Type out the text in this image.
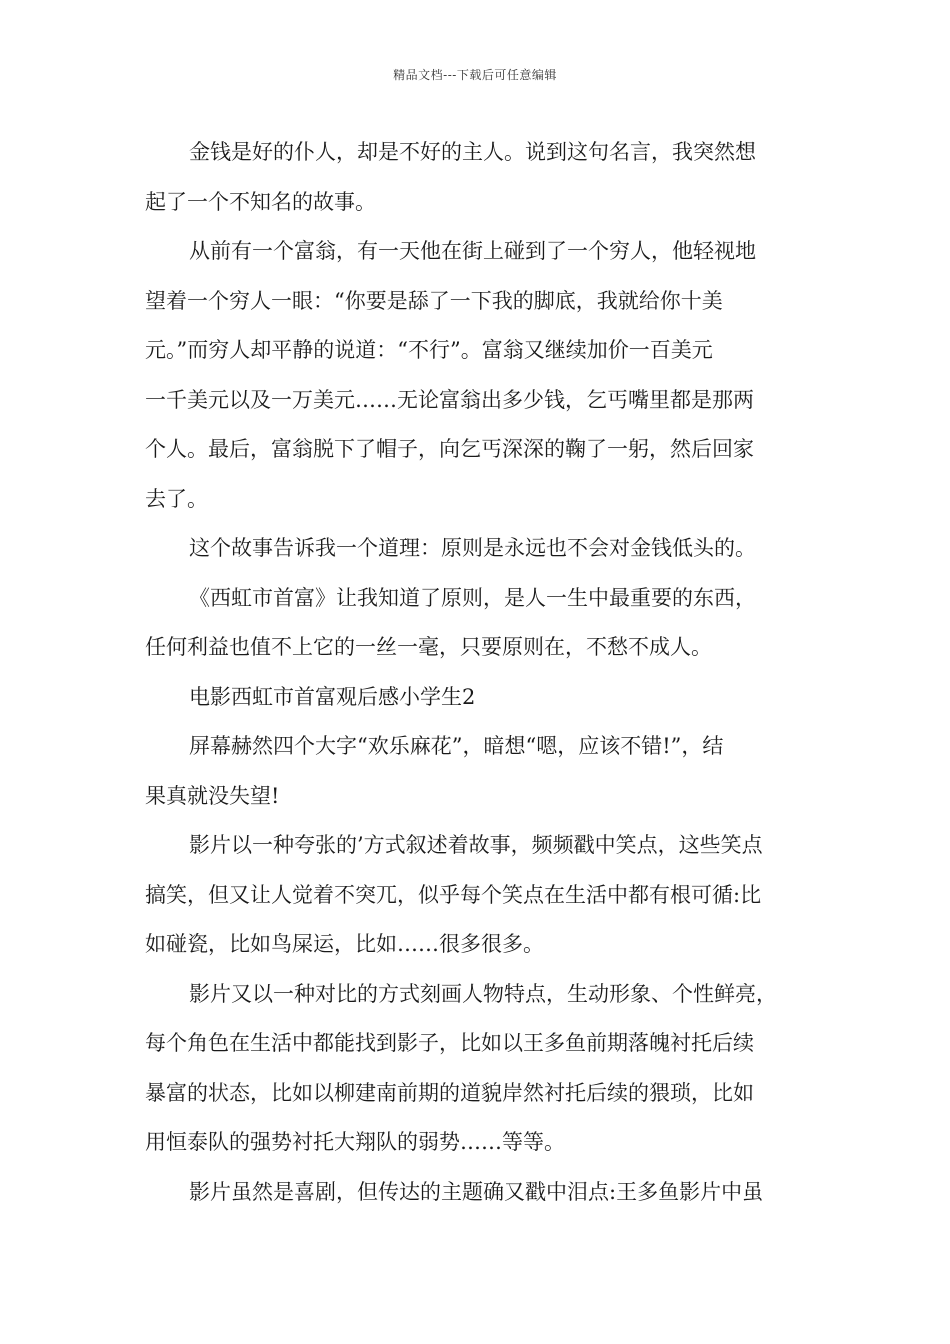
精品文档---下载后可任意编辑
金钱是好的仆人，却是不好的主人。说到这句名言，我突然想
起了一个不知名的故事。
从前有一个富翁，有一天他在街上碰到了一个穷人，他轻视地
望着一个穷人一眼：“你要是舔了一下我的脚底，我就给你十美
元。”而穷人却平静的说道：“不行”。富翁又继续加价一百美元
一千美元以及一万美元……无论富翁出多少钱，乞丐嘴里都是那两
个人。最后，富翁脱下了帽子，向乞丐深深的鞠了一躬，然后回家
去了。
这个故事告诉我一个道理：原则是永远也不会对金钱低头的。
《西虹市首富》让我知道了原则，是人一生中最重要的东西，
任何利益也值不上它的一丝一毫，只要原则在，不愁不成人。
电影西虹市首富观后感小学生2
屏幕赫然四个大字“欢乐麻花”，暗想“嗯，应该不错!”，结
果真就没失望!
影片以一种夸张的’方式叙述着故事，频频戳中笑点，这些笑点
搞笑，但又让人觉着不突兀，似乎每个笑点在生活中都有根可循:比
如碰瓷，比如鸟屎运，比如……很多很多。
影片又以一种对比的方式刻画人物特点，生动形象、个性鲜亮，
每个角色在生活中都能找到影子，比如以王多鱼前期落魄衬托后续
暴富的状态，比如以柳建南前期的道貌岸然衬托后续的猥琐，比如
用恒泰队的强势衬托大翔队的弱势……等等。
影片虽然是喜剧，但传达的主题确又戳中泪点:王多鱼影片中虽
